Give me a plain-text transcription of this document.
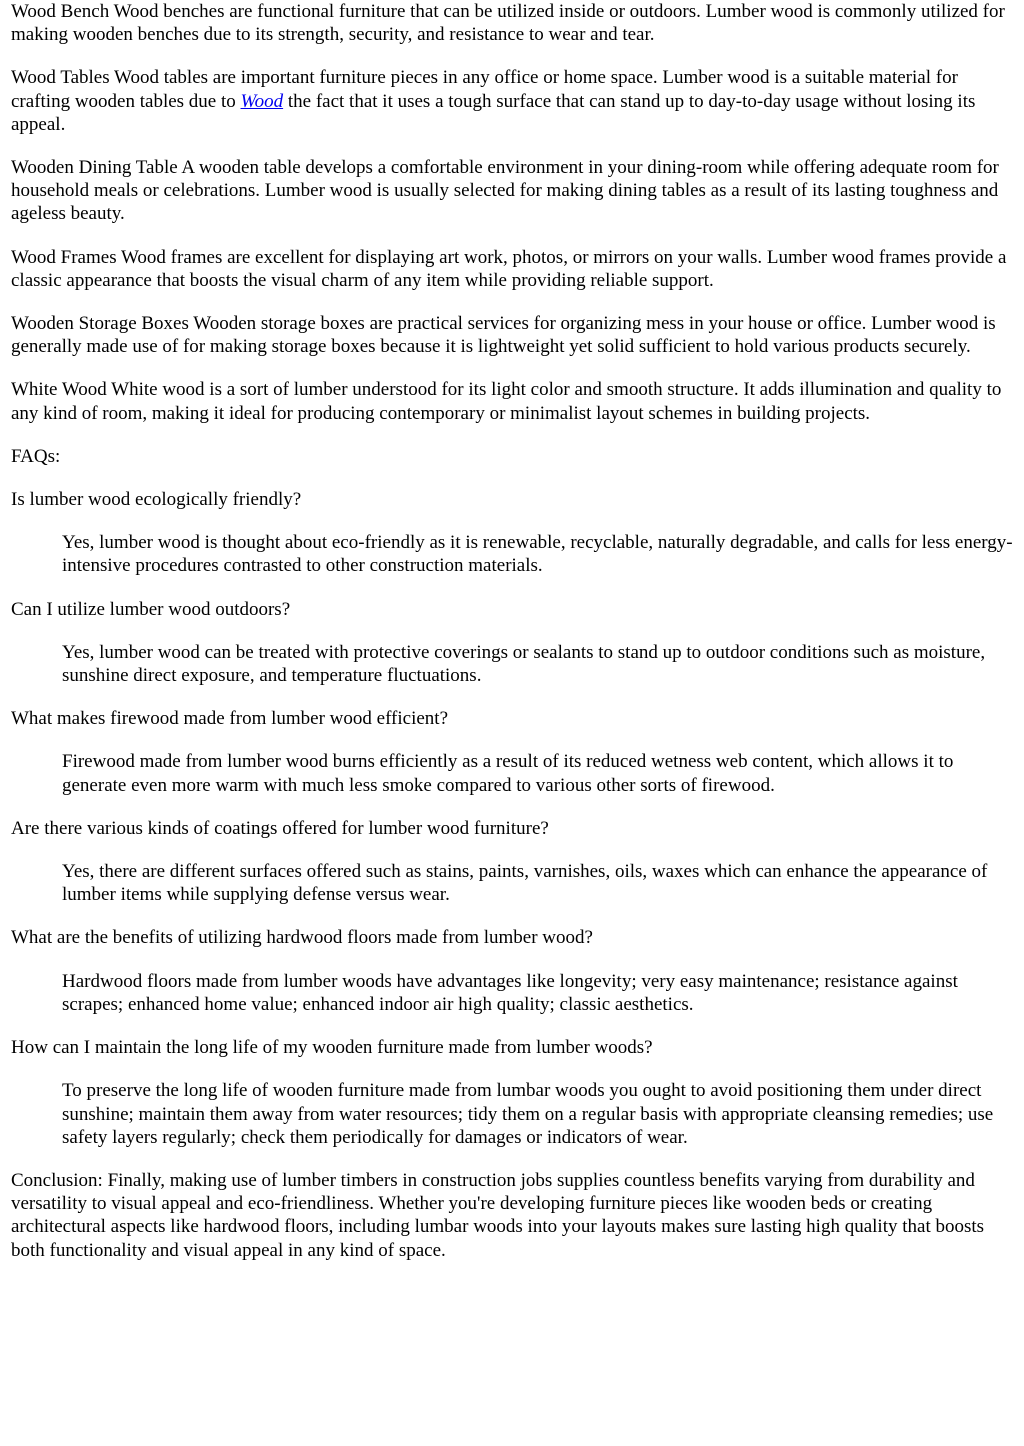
Wood Bench Wood benches are functional furniture that can be utilized inside or outdoors. Lumber wood is commonly utilized for making wooden benches due to its strength, security, and resistance to wear and tear.

Wood Tables Wood tables are important furniture pieces in any office or home space. Lumber wood is a suitable material for crafting wooden tables due to Wood the fact that it uses a tough surface that can stand up to day-to-day usage without losing its appeal.

Wooden Dining Table A wooden table develops a comfortable environment in your dining-room while offering adequate room for household meals or celebrations. Lumber wood is usually selected for making dining tables as a result of its lasting toughness and ageless beauty.

Wood Frames Wood frames are excellent for displaying art work, photos, or mirrors on your walls. Lumber wood frames provide a classic appearance that boosts the visual charm of any item while providing reliable support.

Wooden Storage Boxes Wooden storage boxes are practical services for organizing mess in your house or office. Lumber wood is generally made use of for making storage boxes because it is lightweight yet solid sufficient to hold various products securely.

White Wood White wood is a sort of lumber understood for its light color and smooth structure. It adds illumination and quality to any kind of room, making it ideal for producing contemporary or minimalist layout schemes in building projects.

FAQs:

Is lumber wood ecologically friendly?

Yes, lumber wood is thought about eco-friendly as it is renewable, recyclable, naturally degradable, and calls for less energy-intensive procedures contrasted to other construction materials.

Can I utilize lumber wood outdoors?

Yes, lumber wood can be treated with protective coverings or sealants to stand up to outdoor conditions such as moisture, sunshine direct exposure, and temperature fluctuations.

What makes firewood made from lumber wood efficient?

Firewood made from lumber wood burns efficiently as a result of its reduced wetness web content, which allows it to generate even more warm with much less smoke compared to various other sorts of firewood.

Are there various kinds of coatings offered for lumber wood furniture?

Yes, there are different surfaces offered such as stains, paints, varnishes, oils, waxes which can enhance the appearance of lumber items while supplying defense versus wear.

What are the benefits of utilizing hardwood floors made from lumber wood?

Hardwood floors made from lumber woods have advantages like longevity; very easy maintenance; resistance against scrapes; enhanced home value; enhanced indoor air high quality; classic aesthetics.

How can I maintain the long life of my wooden furniture made from lumber woods?

To preserve the long life of wooden furniture made from lumbar woods you ought to avoid positioning them under direct sunshine; maintain them away from water resources; tidy them on a regular basis with appropriate cleansing remedies; use safety layers regularly; check them periodically for damages or indicators of wear.

Conclusion: Finally, making use of lumber timbers in construction jobs supplies countless benefits varying from durability and versatility to visual appeal and eco-friendliness. Whether you're developing furniture pieces like wooden beds or creating architectural aspects like hardwood floors, including lumbar woods into your layouts makes sure lasting high quality that boosts both functionality and visual appeal in any kind of space.
